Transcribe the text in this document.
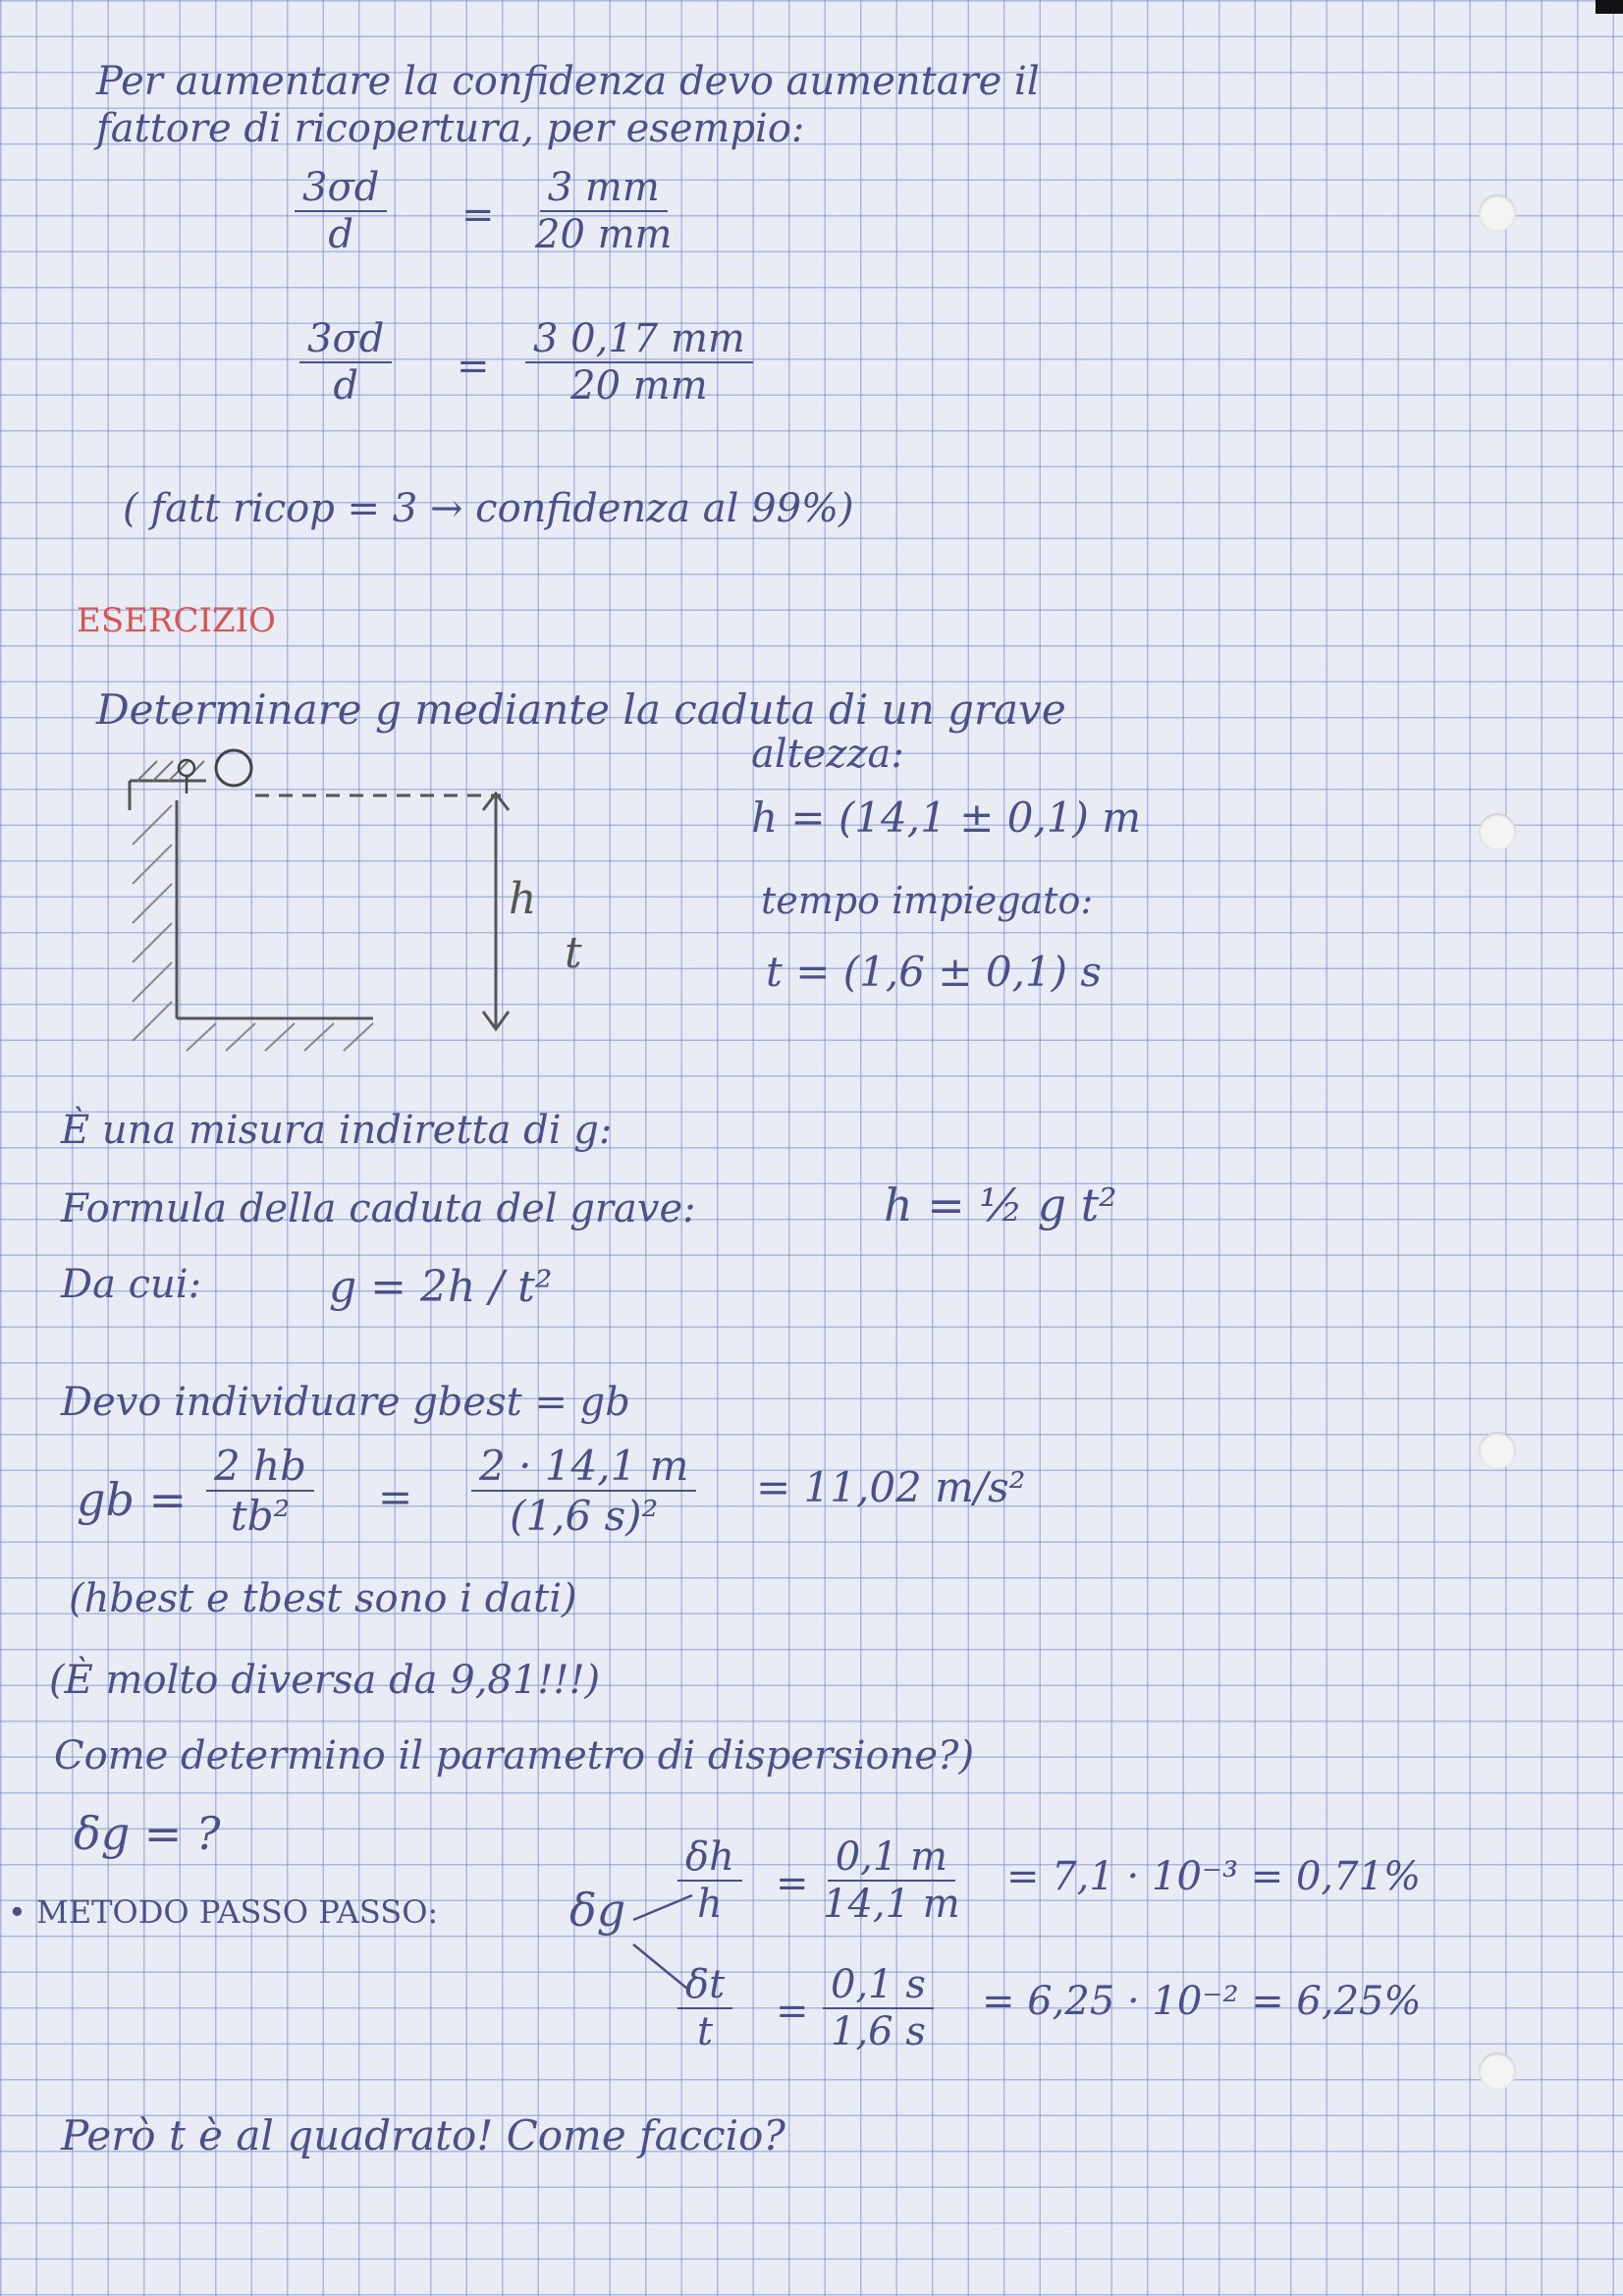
Per aumentare la confidenza devo aumentare il
fattore di ricopertura, per esempio:
$\frac{3\sigma d}{d} = \frac{3 mm}{20 mm}$
$\frac{3\sigma d}{d} = \frac{3 0,17 mm}{20 mm}$
( fatt ricop = 3 → confidenza al 99%)
ESERCIZIO
Determinare g mediante la caduta di un grave
altezza:
h
t
h = (14,1 ± 0,1) m
tempo impiegato:
t = (1,6 ± 0,1) s
È una misura indiretta di g:
Formula della caduta del grave:	h = ½ g t²
Da cui:	g = 2h / t²
Devo individuare gbest = gb
gb = $\frac{2 hb}{\text{tb²}} = \frac{2 \cdot 14,1 m}{\text{(1,6 s)²}} = 11,02$ m/s²
(hbest e tbest sono i dati)
(È molto diversa da 9,81!!!)
Come determino il parametro di dispersione?)
δg = ?
• METODO PASSO PASSO:	δg $\frac{\delta h}{h} = \frac{0,1 m}{14,1 m} = 7,1 \cdot 10^{-3} = 0,71\%$
$\frac{\delta t}{t} = \frac{0,1 s}{1,6 s} = 6,25 \cdot 10^{-2} = 6,25\%$
Però t è al quadrato! Come faccio?
